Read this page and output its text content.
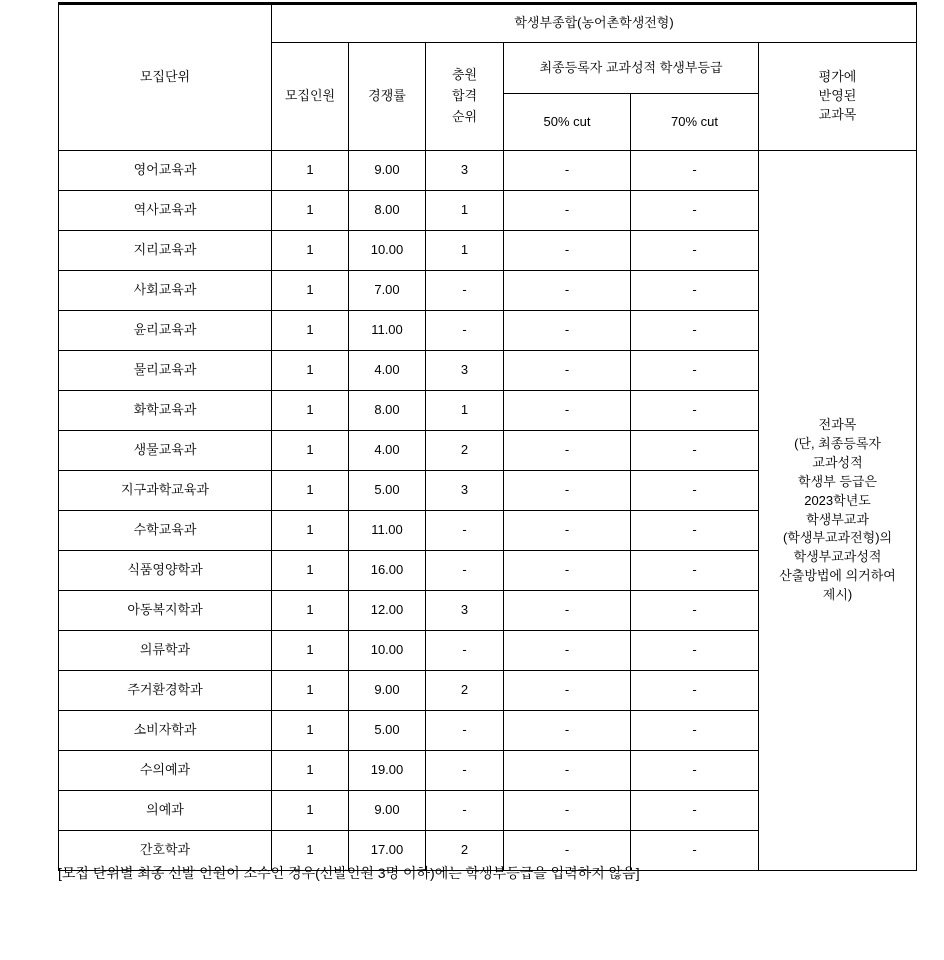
모집단위	학생부종합(농어촌학생전형)					
	모집인원	경쟁률	충원
합격
순위	최종등록자 교과성적 학생부등급		평가에
반영된
교과목
				50% cut	70% cut	
영어교육과	1	9.00	3	-	-	
전과목
(단, 최종등록자
교과성적
학생부 등급은
2023학년도
학생부교과
(학생부교과전형)의
학생부교과성적
산출방법에 의거하여
제시)

역사교육과	1	8.00	1	-	-	
지리교육과	1	10.00	1	-	-	
사회교육과	1	7.00	-	-	-	
윤리교육과	1	11.00	-	-	-	
물리교육과	1	4.00	3	-	-	
화학교육과	1	8.00	1	-	-	
생물교육과	1	4.00	2	-	-	
지구과학교육과	1	5.00	3	-	-	
수학교육과	1	11.00	-	-	-	
식품영양학과	1	16.00	-	-	-	
아동복지학과	1	12.00	3	-	-	
의류학과	1	10.00	-	-	-	
주거환경학과	1	9.00	2	-	-	
소비자학과	1	5.00	-	-	-	
수의예과	1	19.00	-	-	-	
의예과	1	9.00	-	-	-	
간호학과	1	17.00	2	-	-	
[모집 단위별 최종 선발 인원이 소수인 경우(선발인원 3명 이하)에는 학생부등급을 입력하지 않음]
